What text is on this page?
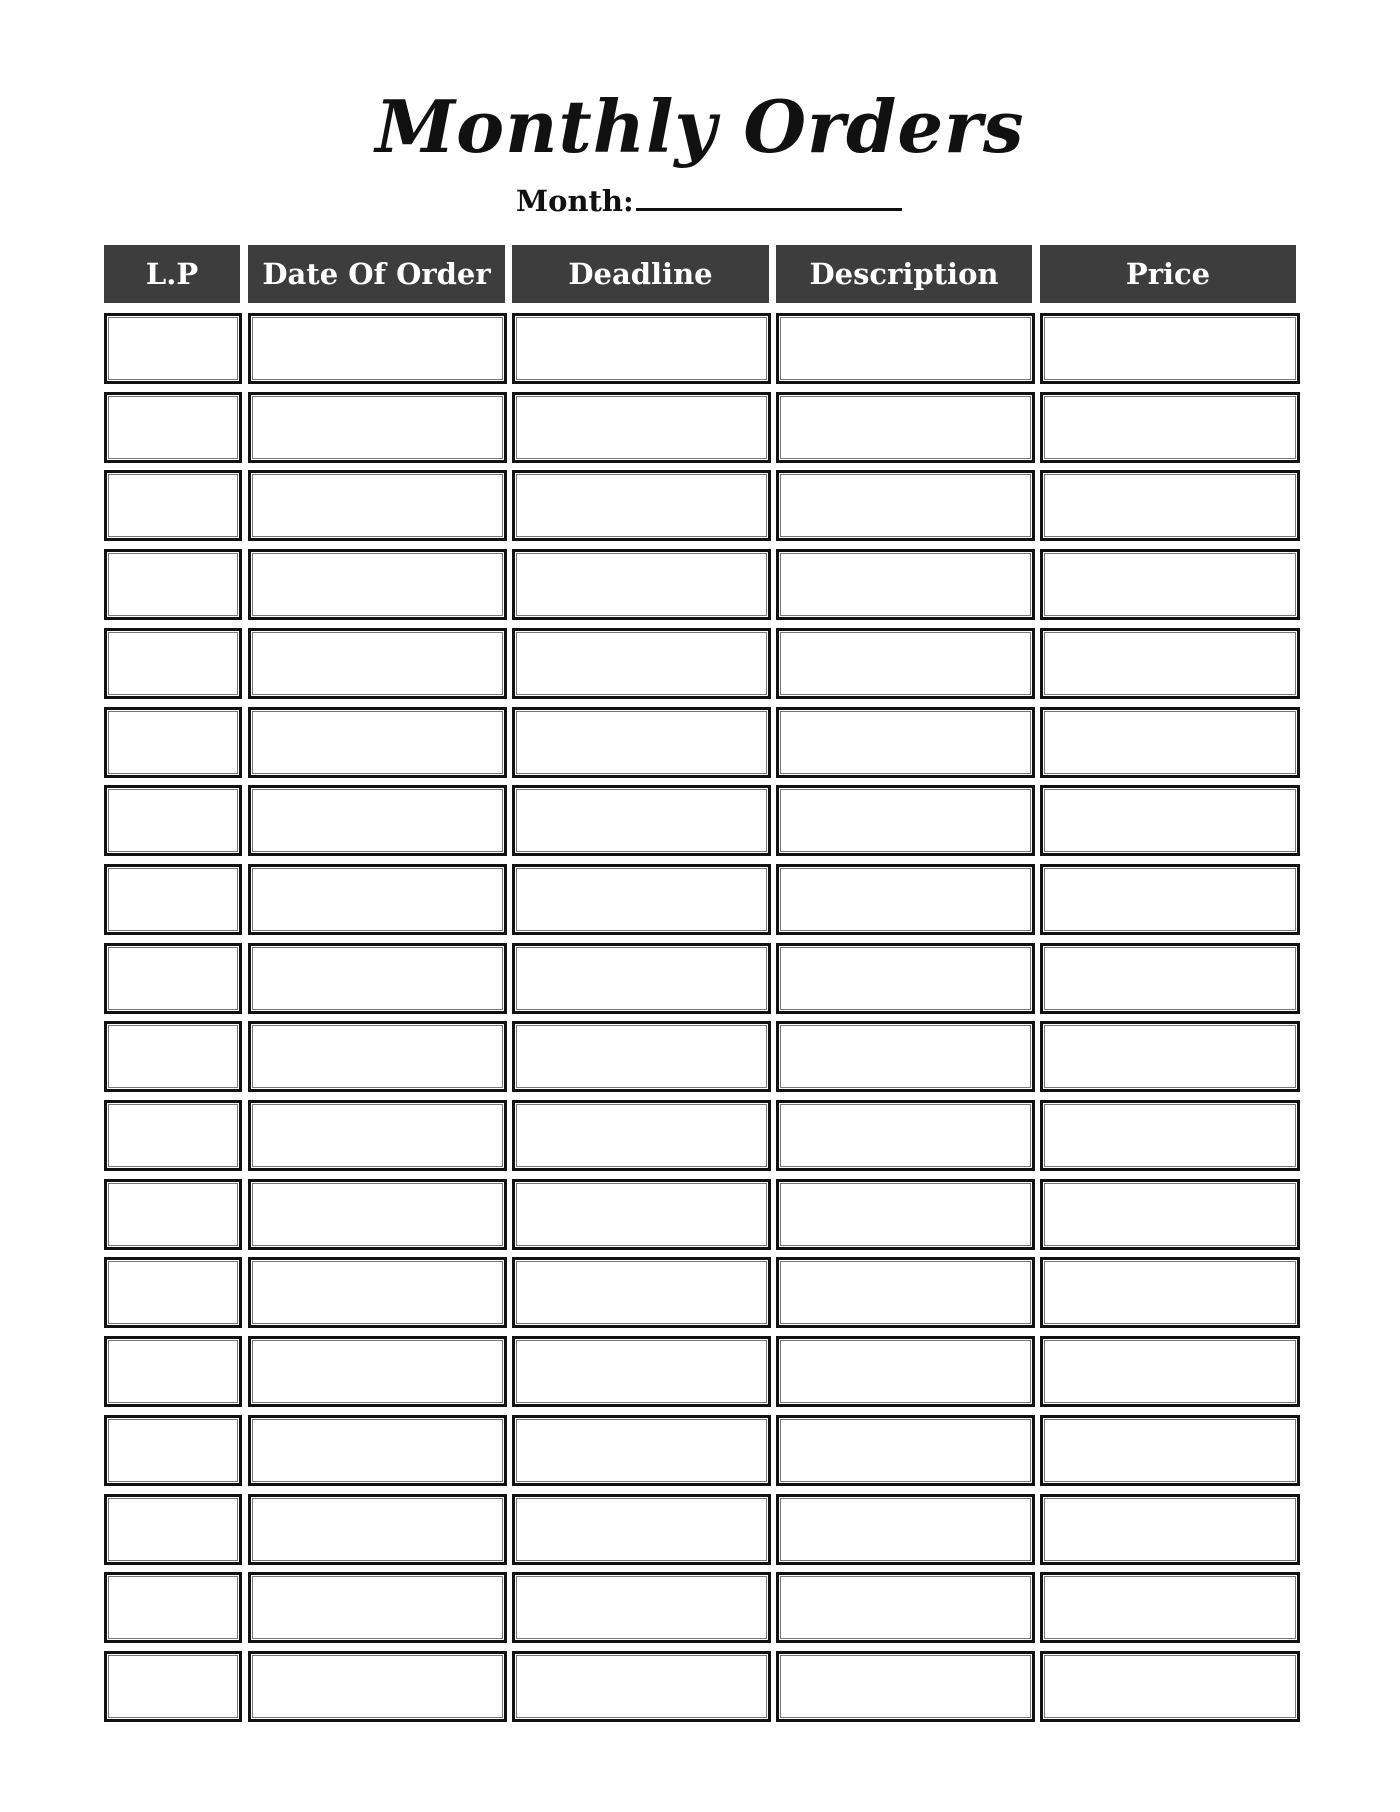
Monthly Orders
Month:
L.P	Date Of Order	Deadline	Description	Price
